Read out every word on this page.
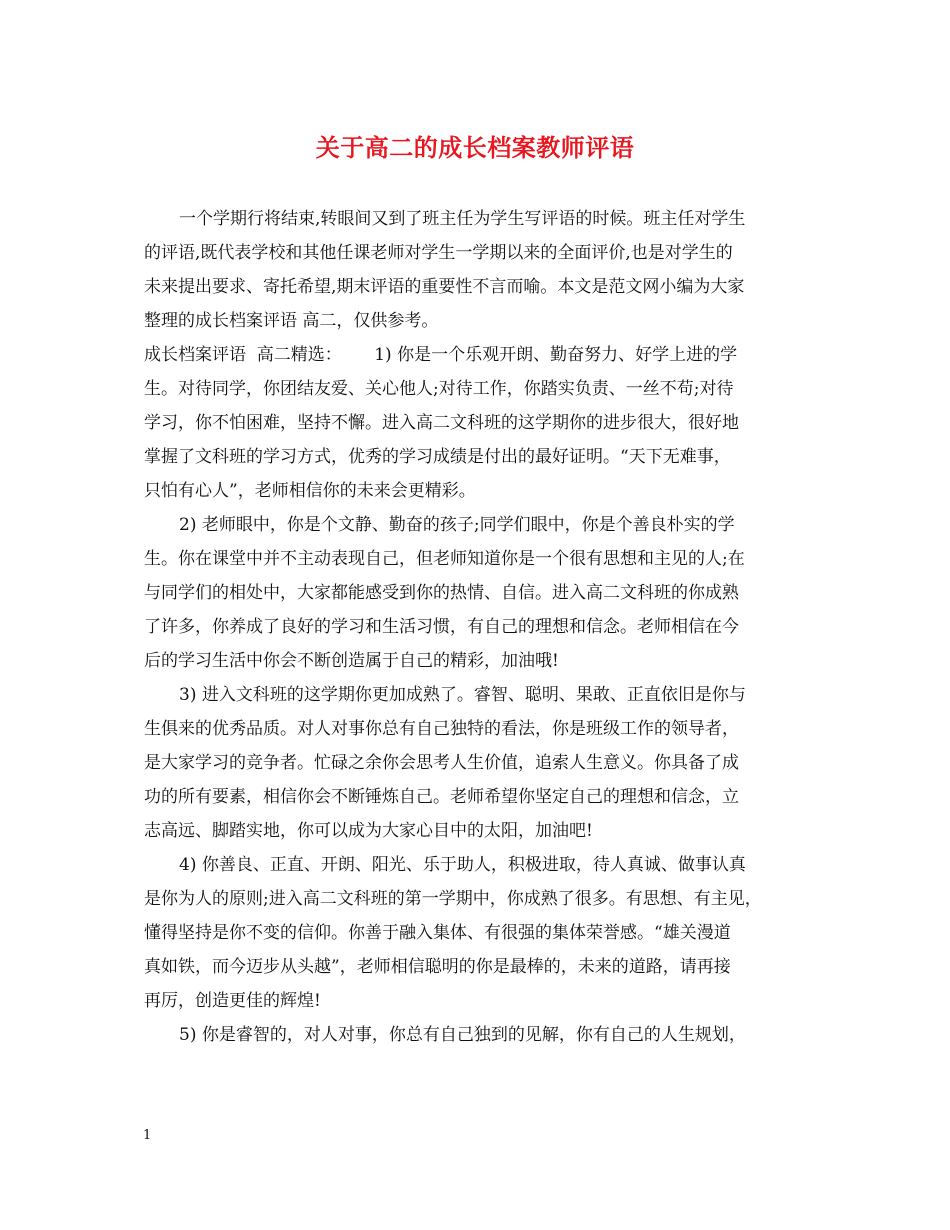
关于高二的成长档案教师评语
一个学期行将结束,转眼间又到了班主任为学生写评语的时候。班主任对学生
的评语,既代表学校和其他任课老师对学生一学期以来的全面评价,也是对学生的
未来提出要求、寄托希望,期末评语的重要性不言而喻。本文是范文网小编为大家
整理的成长档案评语 高二，仅供参考。
成长档案评语  高二精选：      1) 你是一个乐观开朗、勤奋努力、好学上进的学
生。对待同学，你团结友爱、关心他人;对待工作，你踏实负责、一丝不苟;对待
学习，你不怕困难，坚持不懈。进入高二文科班的这学期你的进步很大，很好地
掌握了文科班的学习方式，优秀的学习成绩是付出的最好证明。“天下无难事，
只怕有心人”，老师相信你的未来会更精彩。
2) 老师眼中，你是个文静、勤奋的孩子;同学们眼中，你是个善良朴实的学
生。你在课堂中并不主动表现自己，但老师知道你是一个很有思想和主见的人;在
与同学们的相处中，大家都能感受到你的热情、自信。进入高二文科班的你成熟
了许多，你养成了良好的学习和生活习惯，有自己的理想和信念。老师相信在今
后的学习生活中你会不断创造属于自己的精彩，加油哦!
3) 进入文科班的这学期你更加成熟了。睿智、聪明、果敢、正直依旧是你与
生俱来的优秀品质。对人对事你总有自己独特的看法，你是班级工作的领导者，
是大家学习的竞争者。忙碌之余你会思考人生价值，追索人生意义。你具备了成
功的所有要素，相信你会不断锤炼自己。老师希望你坚定自己的理想和信念，立
志高远、脚踏实地，你可以成为大家心目中的太阳，加油吧!
4) 你善良、正直、开朗、阳光、乐于助人，积极进取，待人真诚、做事认真
是你为人的原则;进入高二文科班的第一学期中，你成熟了很多。有思想、有主见，
懂得坚持是你不变的信仰。你善于融入集体、有很强的集体荣誉感。“雄关漫道
真如铁，而今迈步从头越”，老师相信聪明的你是最棒的，未来的道路，请再接
再厉，创造更佳的辉煌!
5) 你是睿智的，对人对事，你总有自己独到的见解，你有自己的人生规划，
1
